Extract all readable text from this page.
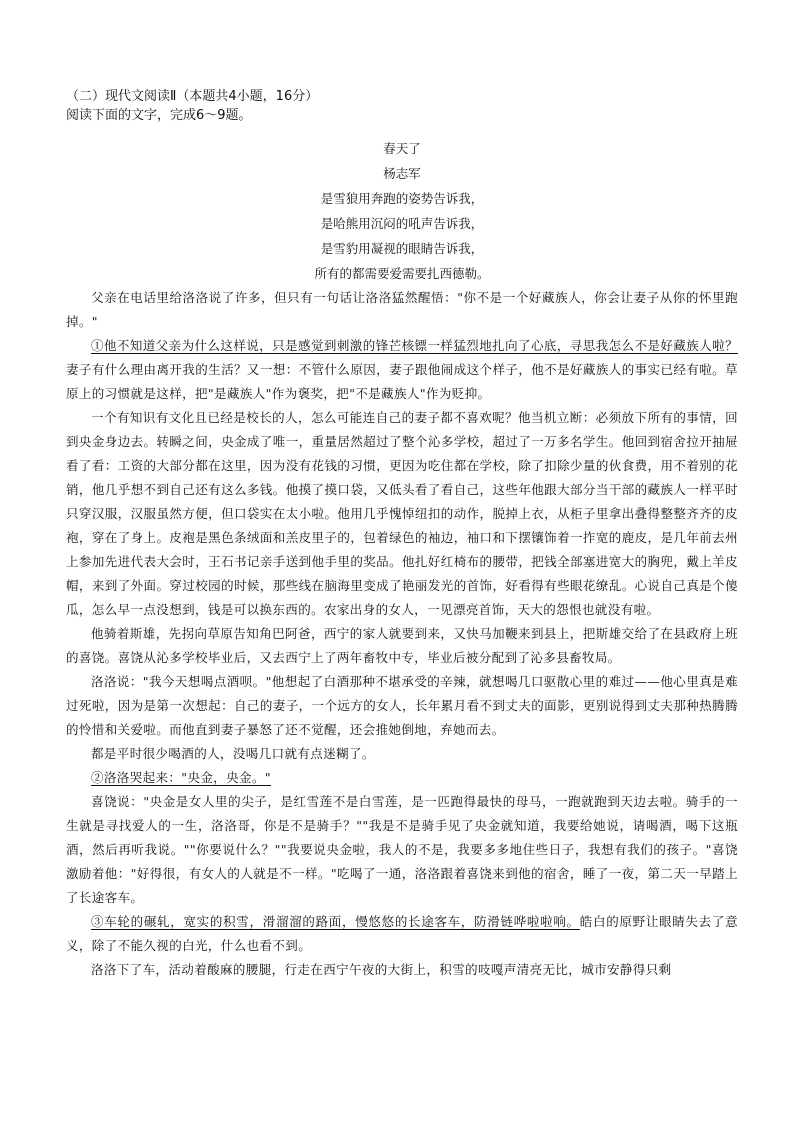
（二）现代文阅读Ⅱ（本题共4小题，16分）

阅读下面的文字，完成6～9题。

春天了

杨志军

是雪狼用奔跑的姿势告诉我，

是哈熊用沉闷的吼声告诉我，

是雪豹用凝视的眼睛告诉我，

所有的都需要爱需要扎西德勒。

父亲在电话里给洛洛说了许多，但只有一句话让洛洛猛然醒悟："你不是一个好藏族人，你会让妻子从你的怀里跑掉。"

①他不知道父亲为什么这样说，只是感觉到刺激的锋芒核镖一样猛烈地扎向了心底，寻思我怎么不是好藏族人啦？妻子有什么理由离开我的生活？又一想：不管什么原因，妻子跟他闹成这个样子，他不是好藏族人的事实已经有啦。草原上的习惯就是这样，把"是藏族人"作为褒奖，把"不是藏族人"作为贬抑。

一个有知识有文化且已经是校长的人，怎么可能连自己的妻子都不喜欢呢？他当机立断：必须放下所有的事情，回到央金身边去。转瞬之间，央金成了唯一，重量居然超过了整个沁多学校，超过了一万多名学生。他回到宿舍拉开抽屉看了看：工资的大部分都在这里，因为没有花钱的习惯，更因为吃住都在学校，除了扣除少量的伙食费，用不着别的花销，他几乎想不到自己还有这么多钱。他摸了摸口袋，又低头看了看自己，这些年他跟大部分当干部的藏族人一样平时只穿汉服，汉服虽然方便，但口袋实在太小啦。他用几乎愧悼纽扣的动作，脱掉上衣，从柜子里拿出叠得整整齐齐的皮袍，穿在了身上。皮袍是黑色条绒面和羔皮里子的，包着绿色的袖边，袖口和下摆镶饰着一拃宽的鹿皮，是几年前去州上参加先进代表大会时，王石书记亲手送到他手里的奖品。他扎好红椅布的腰带，把钱全部塞进宽大的胸兜，戴上羊皮帽，来到了外面。穿过校园的时候，那些线在脑海里变成了艳丽发光的首饰，好看得有些眼花缭乱。心说自己真是个傻瓜，怎么早一点没想到，钱是可以换东西的。农家出身的女人，一见漂亮首饰，天大的怨恨也就没有啦。

他骑着斯雄，先拐向草原告知角巴阿爸，西宁的家人就要到来，又快马加鞭来到县上，把斯雄交给了在县政府上班的喜饶。喜饶从沁多学校毕业后，又去西宁上了两年畜牧中专，毕业后被分配到了沁多县畜牧局。

洛洛说："我今天想喝点酒呗。"他想起了白酒那种不堪承受的辛辣，就想喝几口驱散心里的难过——他心里真是难过死啦，因为是第一次想起：自己的妻子，一个远方的女人，长年累月看不到丈夫的面影，更别说得到丈夫那种热腾腾的怜惜和关爱啦。而他直到妻子暴怒了还不觉醒，还会推她倒地，弃她而去。

都是平时很少喝酒的人，没喝几口就有点迷糊了。

②洛洛哭起来："央金，央金。"

喜饶说："央金是女人里的尖子，是红雪莲不是白雪莲，是一匹跑得最快的母马，一跑就跑到天边去啦。骑手的一生就是寻找爱人的一生，洛洛哥，你是不是骑手？""我是不是骑手见了央金就知道，我要给她说，请喝酒，喝下这瓶酒，然后再听我说。""你要说什么？""我要说央金啦，我人的不是，我要多多地住些日子，我想有我们的孩子。"喜饶激励着他："好得很，有女人的人就是不一样。"吃喝了一通，洛洛跟着喜饶来到他的宿舍，睡了一夜，第二天一早踏上了长途客车。

③车轮的碾轧，宽实的积雪，滑溜溜的路面，慢悠悠的长途客车，防滑链哗啦啦响。皓白的原野让眼睛失去了意义，除了不能久视的白光，什么也看不到。

洛洛下了车，活动着酸麻的腰腿，行走在西宁午夜的大街上，积雪的吱嘎声清亮无比，城市安静得只剩
